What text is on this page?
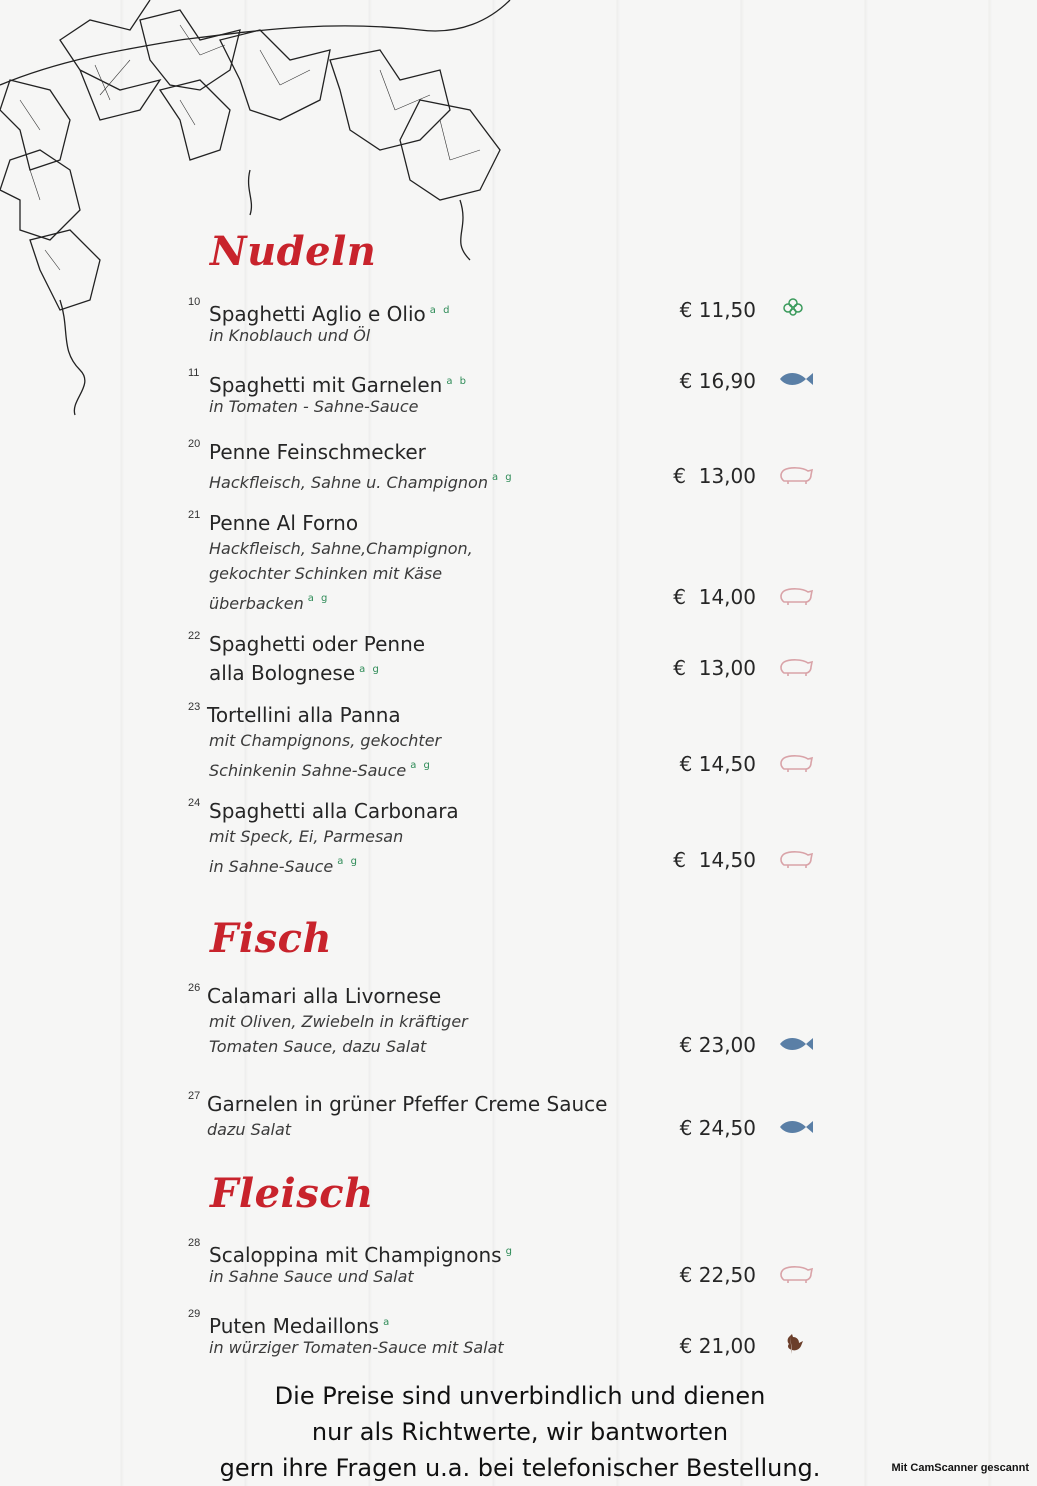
Nudeln
Fisch
Fleisch
10 Spaghetti Aglio e Olio $^{a d}$
in Knoblauch und Öl
€ 11,50
11 Spaghetti mit Garnelen $^{a b}$
in Tomaten - Sahne-Sauce
€ 16,90
20 Penne Feinschmecker
Hackfleisch, Sahne u. Champignon $^{a g}$	€  13,00
21 Penne Al Forno
Hackfleisch, Sahne,Champignon,
gekochter Schinken mit Käse
überbacken $^{a g}$	€  14,00
22 Spaghetti oder Penne
alla Bolognese $^{a g}$	€  13,00
23 Tortellini alla Panna
mit Champignons, gekochter
Schinkenin Sahne-Sauce $^{a g}$	€ 14,50
24 Spaghetti alla Carbonara
mit Speck, Ei, Parmesan
in Sahne-Sauce $^{a g}$	€  14,50
26 Calamari alla Livornese
mit Oliven, Zwiebeln in kräftiger
Tomaten Sauce, dazu Salat	€ 23,00
27 Garnelen in grüner Pfeffer Creme Sauce
dazu Salat	€ 24,50
28 Scaloppina mit Champignons $^g$
in Sahne Sauce und Salat	€ 22,50
29 Puten Medaillons $^a$
in würziger Tomaten-Sauce mit Salat	€ 21,00
Die Preise sind unverbindlich und dienen
nur als Richtwerte, wir bantworten
gern ihre Fragen u.a. bei telefonischer Bestellung.	Mit CamScanner gescannt
